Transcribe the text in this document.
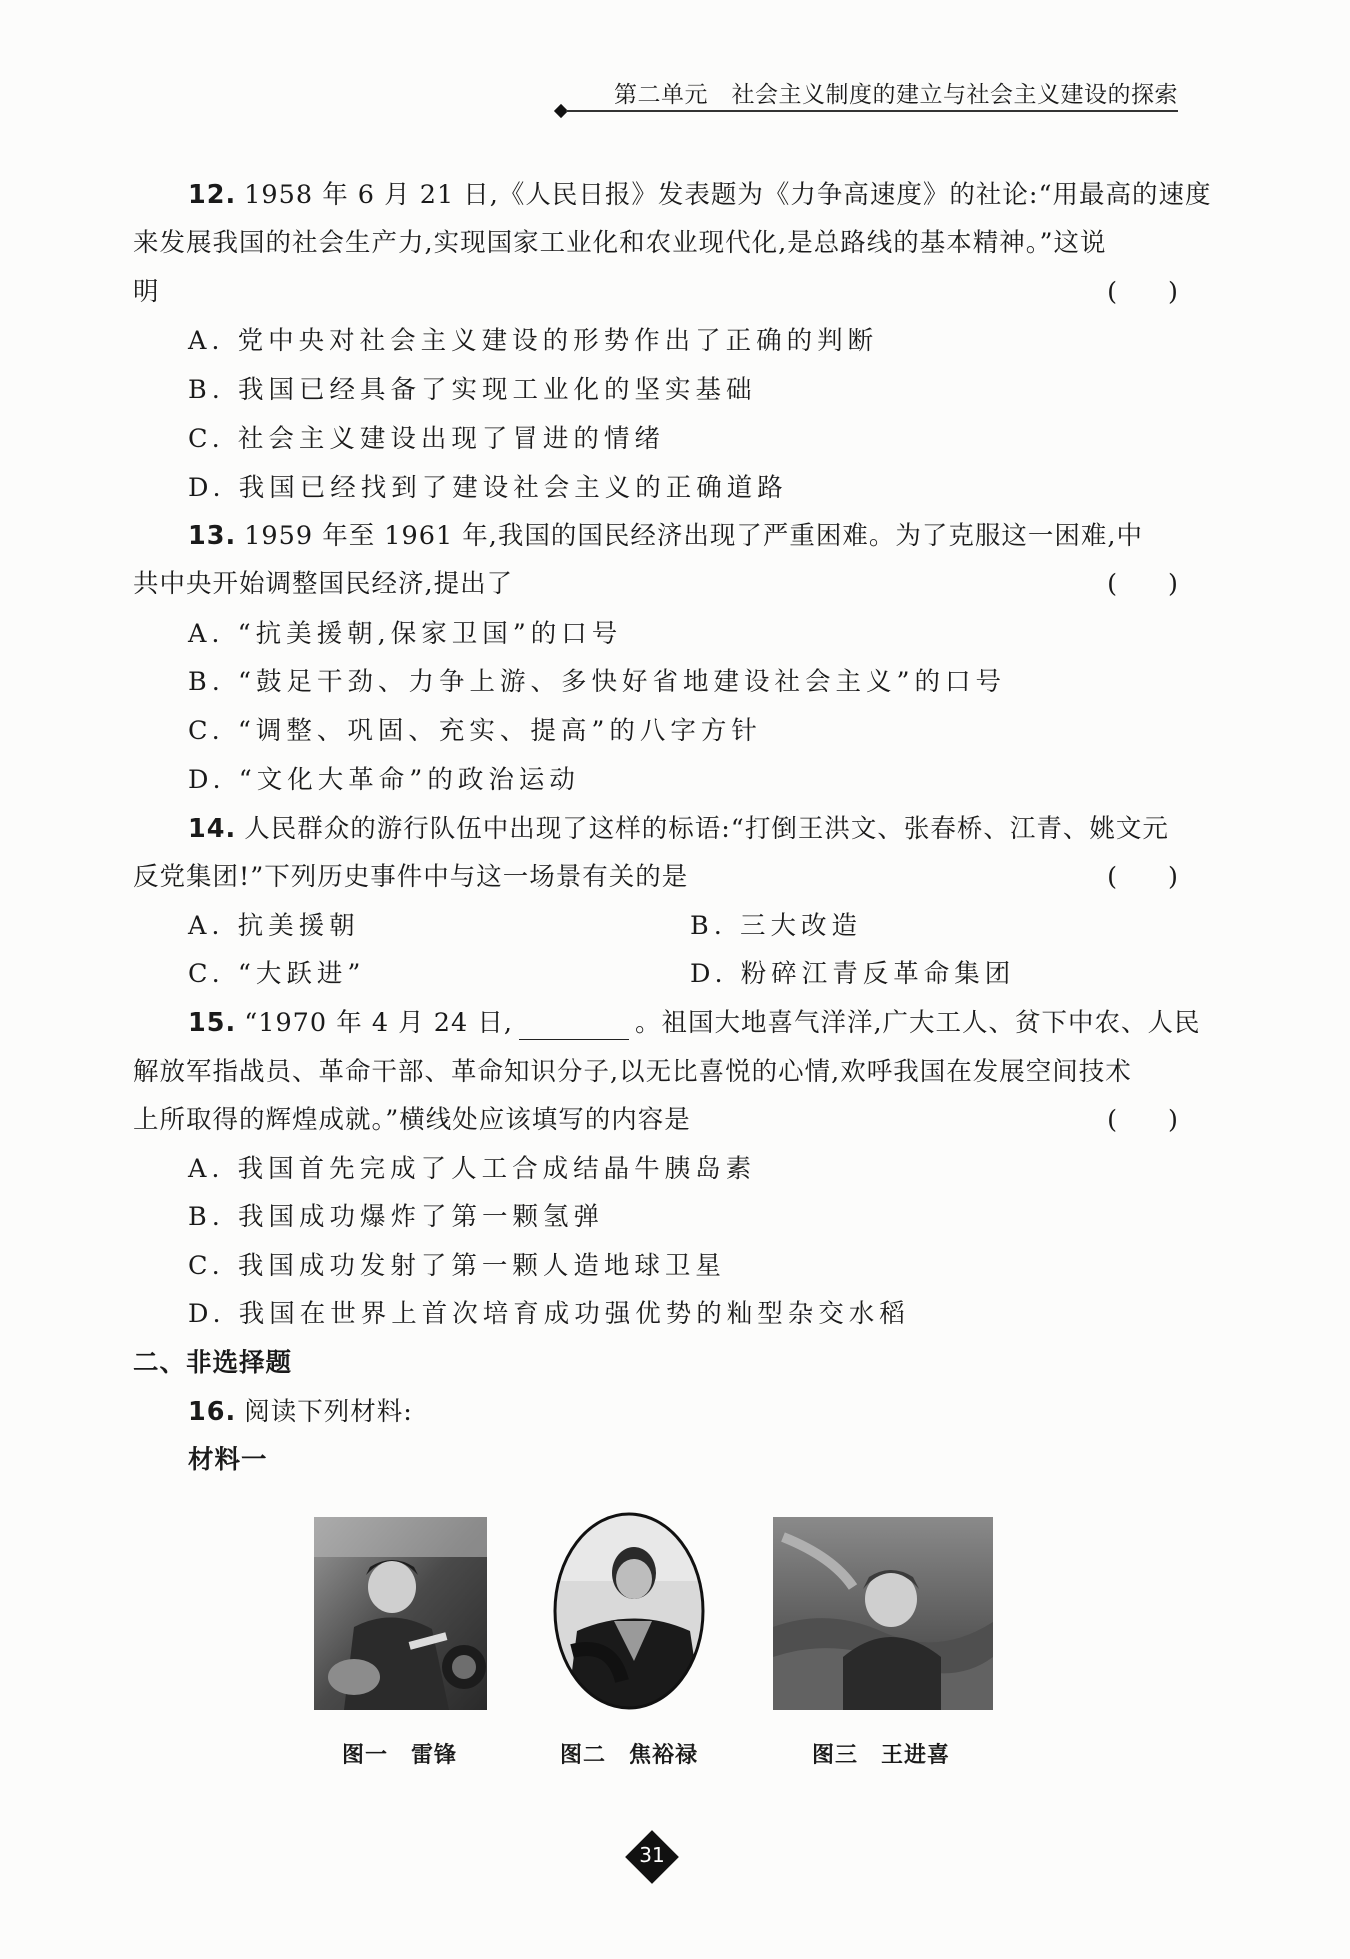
第二单元　社会主义制度的建立与社会主义建设的探索
12. 1958 年 6 月 21 日,《人民日报》发表题为《力争高速度》的社论:“用最高的速度
来发展我国的社会生产力,实现国家工业化和农业现代化,是总路线的基本精神。”这说
明	(　　)
A. 党中央对社会主义建设的形势作出了正确的判断
B. 我国已经具备了实现工业化的坚实基础
C. 社会主义建设出现了冒进的情绪
D. 我国已经找到了建设社会主义的正确道路
13. 1959 年至 1961 年,我国的国民经济出现了严重困难。为了克服这一困难,中
共中央开始调整国民经济,提出了	(　　)
A. “抗美援朝,保家卫国”的口号
B. “鼓足干劲、力争上游、多快好省地建设社会主义”的口号
C. “调整、巩固、充实、提高”的八字方针
D. “文化大革命”的政治运动
14. 人民群众的游行队伍中出现了这样的标语:“打倒王洪文、张春桥、江青、姚文元
反党集团!”下列历史事件中与这一场景有关的是	(　　)
A. 抗美援朝	B. 三大改造
C. “大跃进”	D. 粉碎江青反革命集团
15. “1970 年 4 月 24 日,	。祖国大地喜气洋洋,广大工人、贫下中农、人民
解放军指战员、革命干部、革命知识分子,以无比喜悦的心情,欢呼我国在发展空间技术
上所取得的辉煌成就。”横线处应该填写的内容是	(　　)
A. 我国首先完成了人工合成结晶牛胰岛素
B. 我国成功爆炸了第一颗氢弹
C. 我国成功发射了第一颗人造地球卫星
D. 我国在世界上首次培育成功强优势的籼型杂交水稻
二、非选择题
16. 阅读下列材料:
材料一
图一　雷锋	图二　焦裕禄	图三　王进喜
31
